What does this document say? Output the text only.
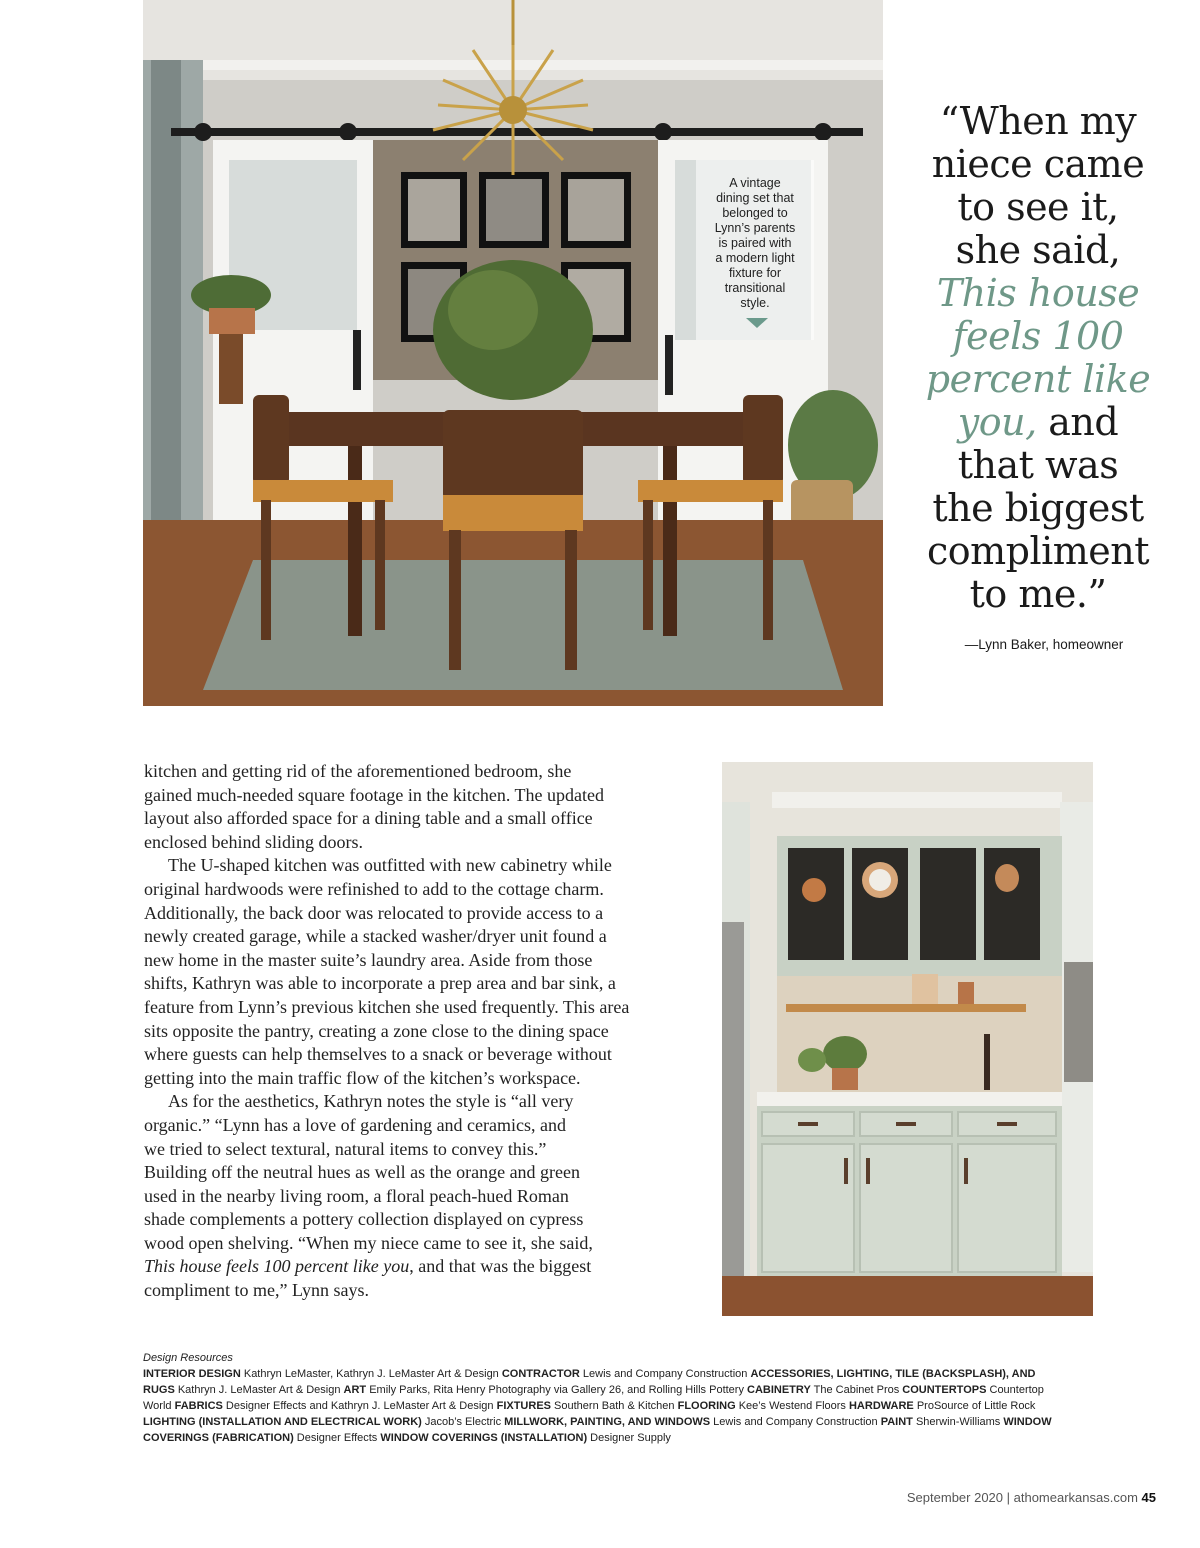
A vintage
dining set that
belonged to
Lynn’s parents
is paired with
a modern light
fixture for
transitional
style.
“When my
niece came
to see it,
she said,
This house
feels 100
percent like
you, and
that was
the biggest
compliment
to me.”
—Lynn Baker, homeowner
kitchen and getting rid of the aforementioned bedroom, she
gained much-needed square footage in the kitchen. The updated
layout also afforded space for a dining table and a small office
enclosed behind sliding doors.
The U-shaped kitchen was outfitted with new cabinetry while
original hardwoods were refinished to add to the cottage charm.
Additionally, the back door was relocated to provide access to a
newly created garage, while a stacked washer/dryer unit found a
new home in the master suite’s laundry area. Aside from those
shifts, Kathryn was able to incorporate a prep area and bar sink, a
feature from Lynn’s previous kitchen she used frequently. This area
sits opposite the pantry, creating a zone close to the dining space
where guests can help themselves to a snack or beverage without
getting into the main traffic flow of the kitchen’s workspace.
As for the aesthetics, Kathryn notes the style is “all very
organic.” “Lynn has a love of gardening and ceramics, and
we tried to select textural, natural items to convey this.”
Building off the neutral hues as well as the orange and green
used in the nearby living room, a floral peach-hued Roman
shade complements a pottery collection displayed on cypress
wood open shelving. “When my niece came to see it, she said,
This house feels 100 percent like you, and that was the biggest
compliment to me,” Lynn says.
Design Resources
INTERIOR DESIGN Kathryn LeMaster, Kathryn J. LeMaster Art & Design CONTRACTOR Lewis and Company Construction ACCESSORIES, LIGHTING, TILE (BACKSPLASH), AND
RUGS Kathryn J. LeMaster Art & Design ART Emily Parks, Rita Henry Photography via Gallery 26, and Rolling Hills Pottery CABINETRY The Cabinet Pros COUNTERTOPS Countertop
World FABRICS Designer Effects and Kathryn J. LeMaster Art & Design FIXTURES Southern Bath & Kitchen FLOORING Kee’s Westend Floors HARDWARE ProSource of Little Rock
LIGHTING (INSTALLATION AND ELECTRICAL WORK) Jacob’s Electric MILLWORK, PAINTING, AND WINDOWS Lewis and Company Construction PAINT Sherwin-Williams WINDOW
COVERINGS (FABRICATION) Designer Effects WINDOW COVERINGS (INSTALLATION) Designer Supply
September 2020 | athomearkansas.com 45
